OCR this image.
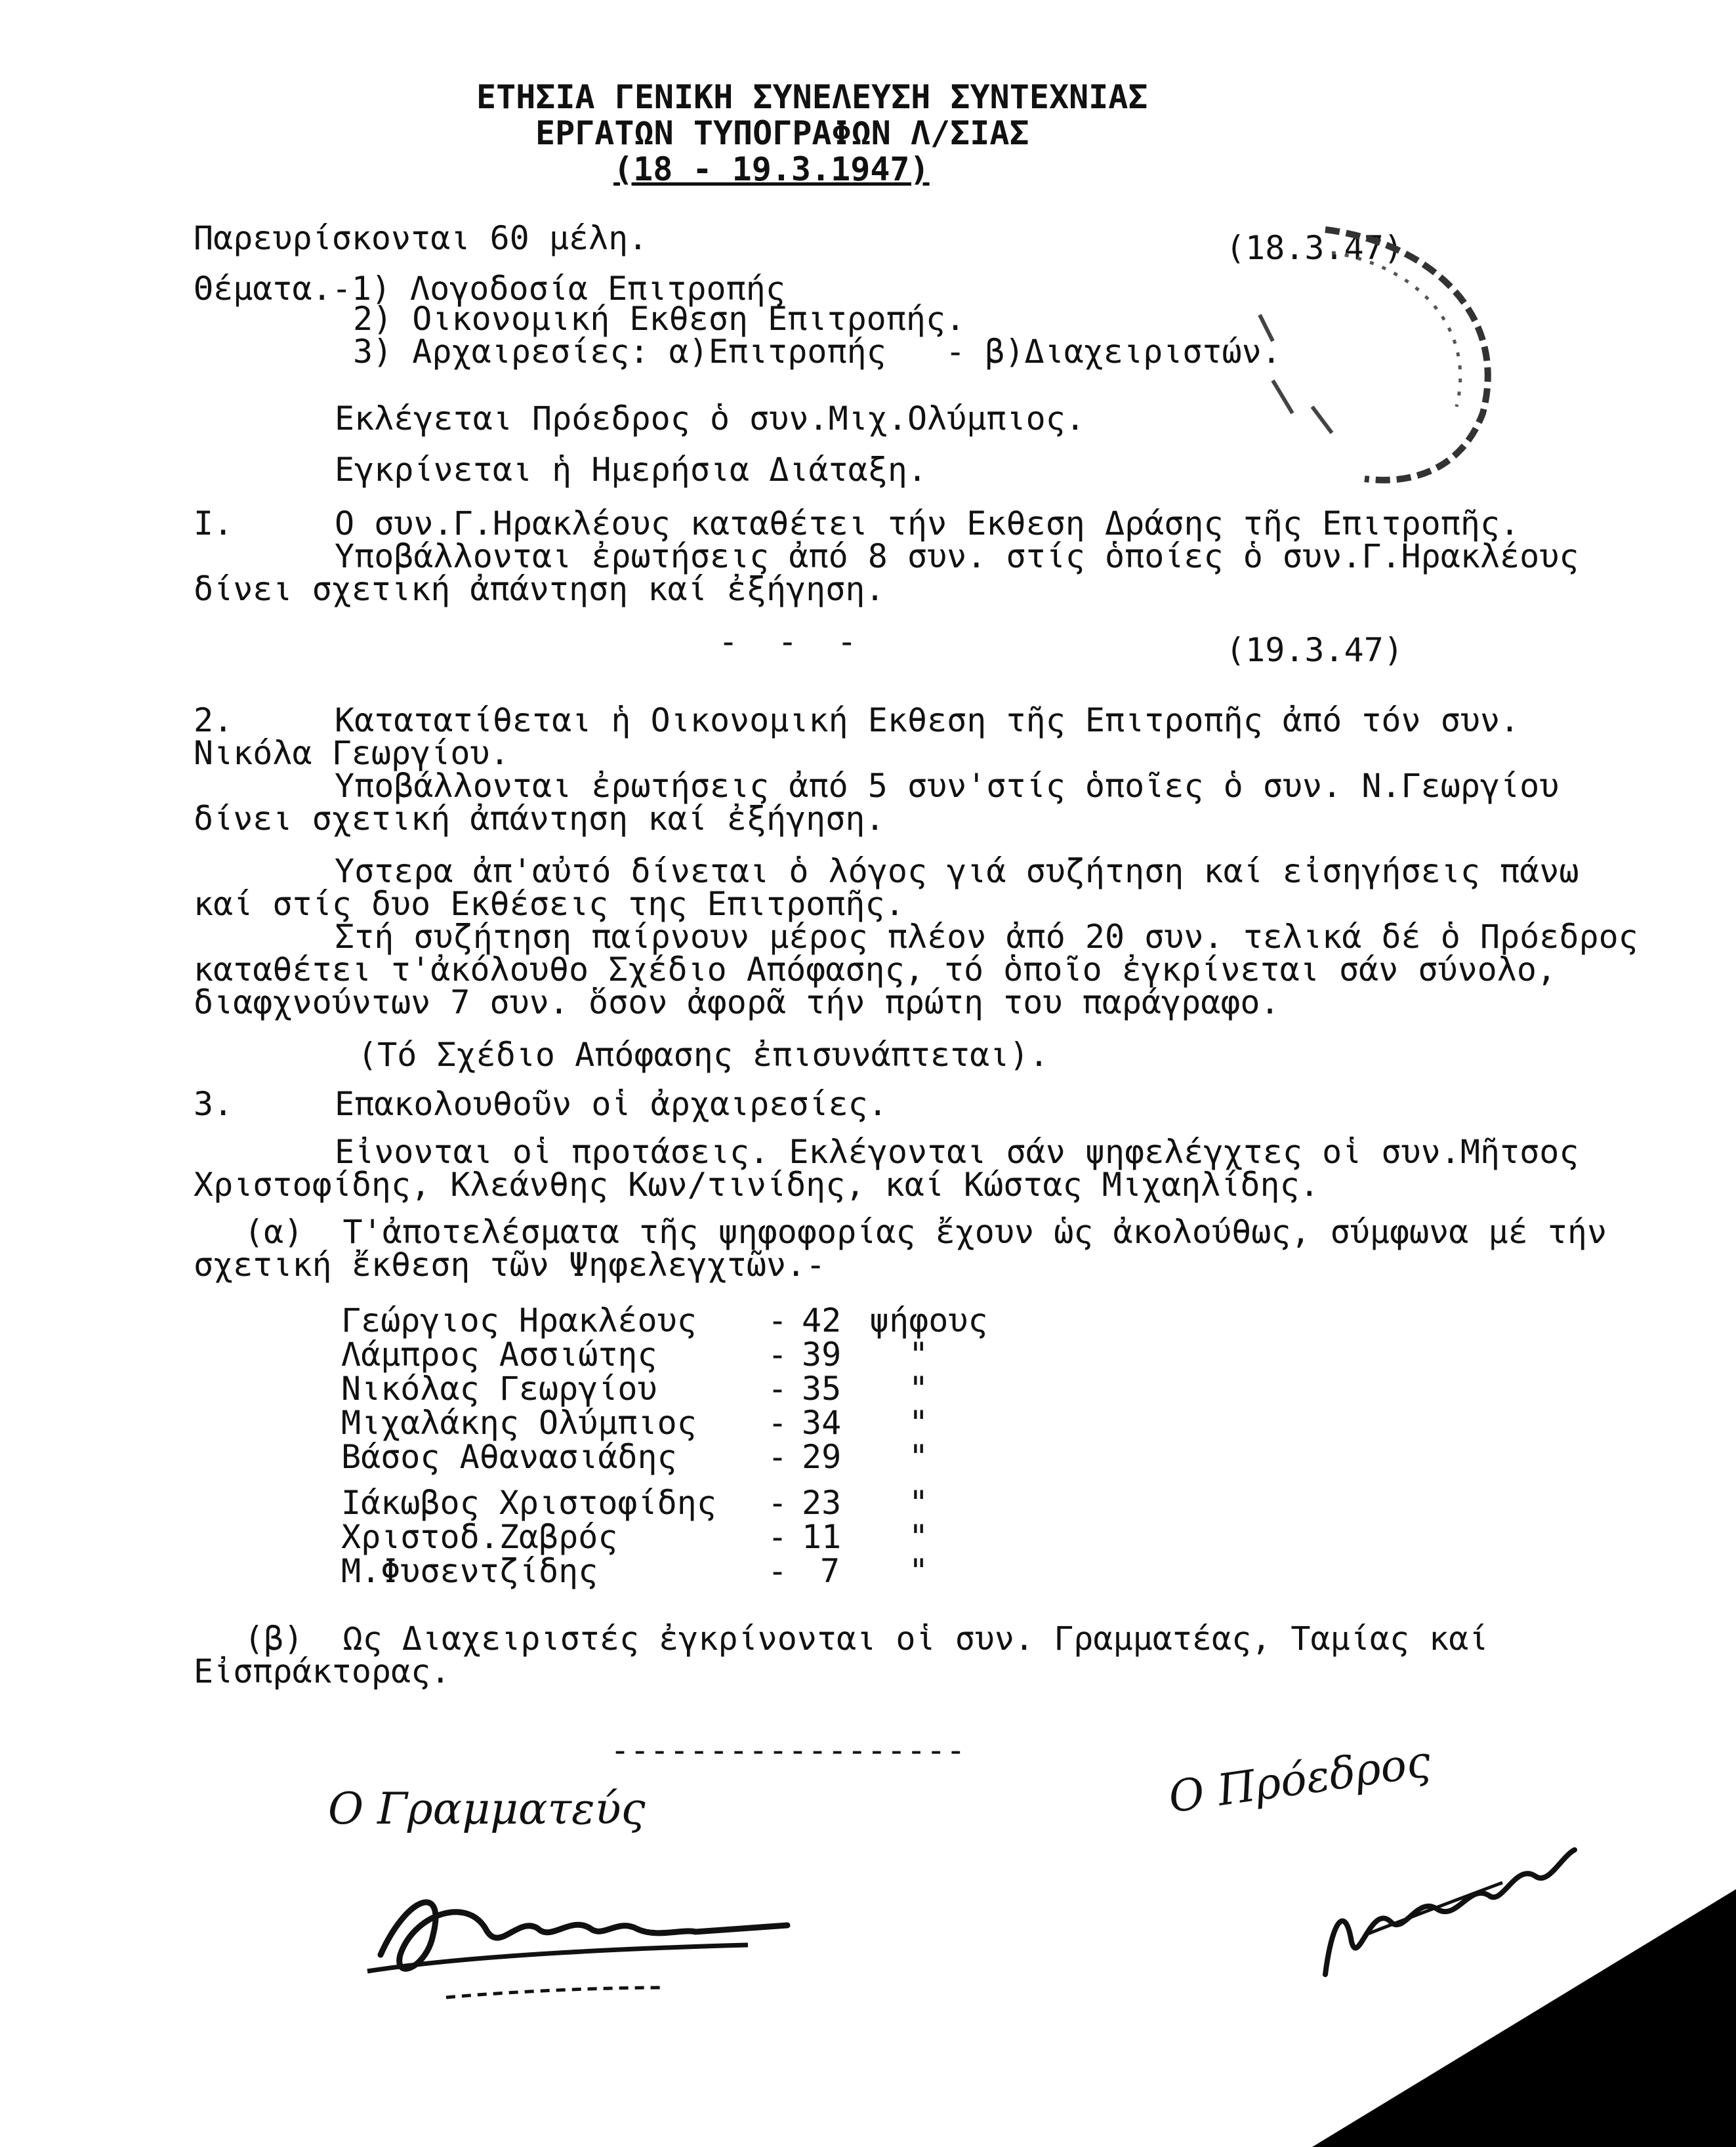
ΕΤΗΣΙΑ ΓΕΝΙΚΗ ΣΥΝΕΛΕΥΣΗ ΣΥΝΤΕΧΝΙΑΣ
ΕΡΓΑΤΩΝ ΤΥΠΟΓΡΑΦΩΝ Λ/ΣΙΑΣ
(18 - 19.3.1947)
Παρευρίσκονται 60 μέλη.	(18.3.47)
Θέματα.-1) Λογοδοσία Επιτροπής
2) Οικονομική Εκθεση Επιτροπής.
3) Αρχαιρεσίες: α)Επιτροπής   - β)Διαχειριστών.
Εκλέγεται Πρόεδρος ὁ συν.Μιχ.Ολύμπιος.
Εγκρίνεται ἡ Ημερήσια Διάταξη.
I.	Ο συν.Γ.Ηρακλέους καταθέτει τήν Εκθεση Δράσης τῆς Επιτροπῆς.
Υποβάλλονται ἐρωτήσεις ἀπό 8 συν. στίς ὁποίες ὁ συν.Γ.Ηρακλέους
δίνει σχετική ἀπάντηση καί ἐξήγηση.
-  -  -	(19.3.47)
2.	Κατατατίθεται ἡ Οικονομική Εκθεση τῆς Επιτροπῆς ἀπό τόν συν.
Νικόλα Γεωργίου.
Υποβάλλονται ἐρωτήσεις ἀπό 5 συν'στίς ὁποῖες ὁ συν. Ν.Γεωργίου
δίνει σχετική ἀπάντηση καί ἐξήγηση.
Υστερα ἀπ'αὐτό δίνεται ὁ λόγος γιά συζήτηση καί εἰσηγήσεις πάνω
καί στίς δυο Εκθέσεις της Επιτροπῆς.
Στή συζήτηση παίρνουν μέρος πλέον ἀπό 20 συν. τελικά δέ ὁ Πρόεδρος
καταθέτει τ'ἀκόλουθο Σχέδιο Απόφασης, τό ὁποῖο ἐγκρίνεται σάν σύνολο,
διαφχνούντων 7 συν. ὅσον ἀφορᾶ τήν πρώτη του παράγραφο.
(Τό Σχέδιο Απόφασης ἐπισυνάπτεται).
3.	Επακολουθοῦν οἱ ἀρχαιρεσίες.
Εἰνονται οἱ προτάσεις. Εκλέγονται σάν ψηφελέγχτες οἱ συν.Μῆτσος
Χριστοφίδης, Κλεάνθης Κων/τινίδης, καί Κώστας Μιχαηλίδης.
(α)  Τ'ἀποτελέσματα τῆς ψηφοφορίας ἔχουν ὡς ἀκολούθως, σύμφωνα μέ τήν
σχετική ἔκθεση τῶν Ψηφελεγχτῶν.-
Γεώργιος Ηρακλέους - 42 ψήφους
Λάμπρος Ασσιώτης	- 39 "
Νικόλας Γεωργίου	- 35 "
Μιχαλάκης Ολύμπιος - 34 "
Βάσος Αθανασιάδης	- 29 "
Ιάκωβος Χριστοφίδης - 23 "
Χριστοδ.Ζαβρός	- 11 "
Μ.Φυσεντζίδης	- 7 "
(β)  Ως Διαχειριστές ἐγκρίνονται οἱ συν. Γραμματέας, Ταμίας καί
Εἰσπράκτορας.
------------------
Ο Γραμματεύς	Ο Πρόεδρος
